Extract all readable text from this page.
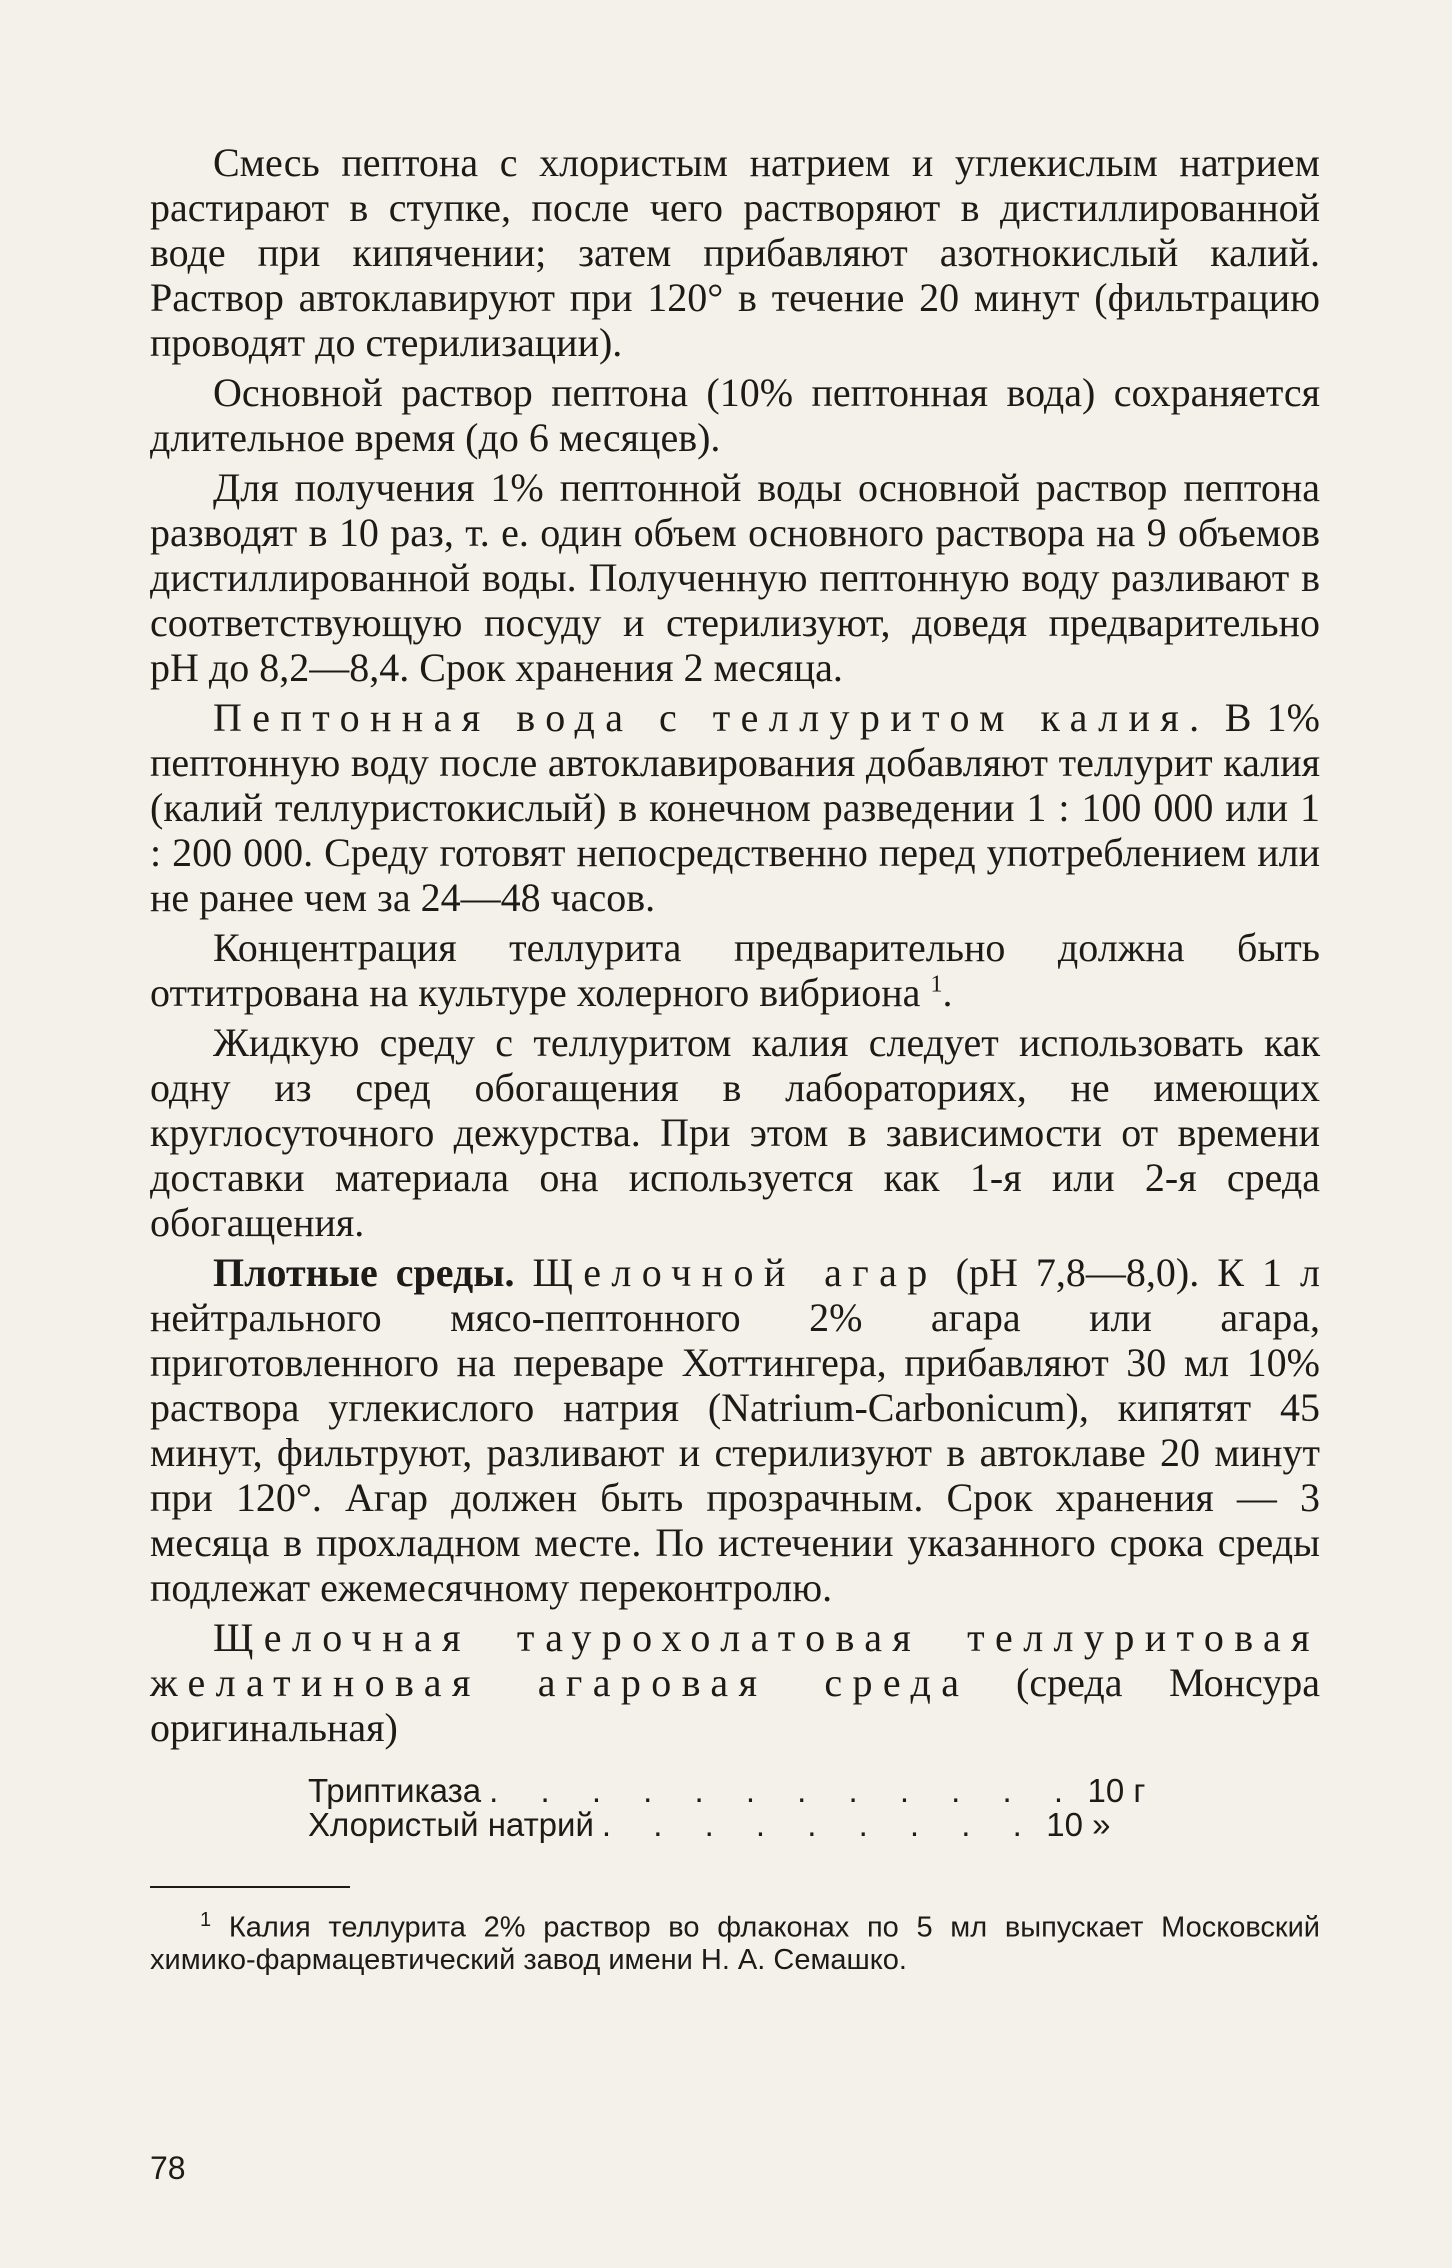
Смесь пептона с хлористым натрием и углекислым натрием растирают в ступке, после чего растворяют в дистиллированной воде при кипячении; затем прибавляют азотнокислый калий. Раствор автоклавируют при 120° в течение 20 минут (фильтрацию проводят до стерилизации).

Основной раствор пептона (10% пептонная вода) сохраняется длительное время (до 6 месяцев).

Для получения 1% пептонной воды основной раствор пептона разводят в 10 раз, т. е. один объем основного раствора на 9 объемов дистиллированной воды. Полученную пептонную воду разливают в соответствующую посуду и стерилизуют, доведя предварительно pH до 8,2—8,4. Срок хранения 2 месяца.

Пептонная вода с теллуритом калия. В 1% пептонную воду после автоклавирования добавляют теллурит калия (калий теллуристокислый) в конечном разведении 1 : 100 000 или 1 : 200 000. Среду готовят непосредственно перед употреблением или не ранее чем за 24—48 часов.

Концентрация теллурита предварительно должна быть оттитрована на культуре холерного вибриона $^1$.

Жидкую среду с теллуритом калия следует использовать как одну из сред обогащения в лабораториях, не имеющих круглосуточного дежурства. При этом в зависимости от времени доставки материала она используется как 1-я или 2-я среда обогащения.

Плотные среды. Щелочной агар (pH 7,8—8,0). К 1 л нейтрального мясо-пептонного 2% агара или агара, приготовленного на переваре Хоттингера, прибавляют 30 мл 10% раствора углекислого натрия (Natrium-Carbonicum), кипятят 45 минут, фильтруют, разливают и стерилизуют в автоклаве 20 минут при 120°. Агар должен быть прозрачным. Срок хранения — 3 месяца в прохладном месте. По истечении указанного срока среды подлежат ежемесячному переконтролю.

Щелочная таурохолатовая теллуритовая желатиновая агаровая среда (среда Монсура оригинальная)

Триптиказа . . . . . . . . . . . . 10 г
Хлористый натрий . . . . . . . . . 10 »

$^1$ Калия теллурита 2% раствор во флаконах по 5 мл выпускает Московский химико-фармацевтический завод имени Н. А. Семашко.

78
